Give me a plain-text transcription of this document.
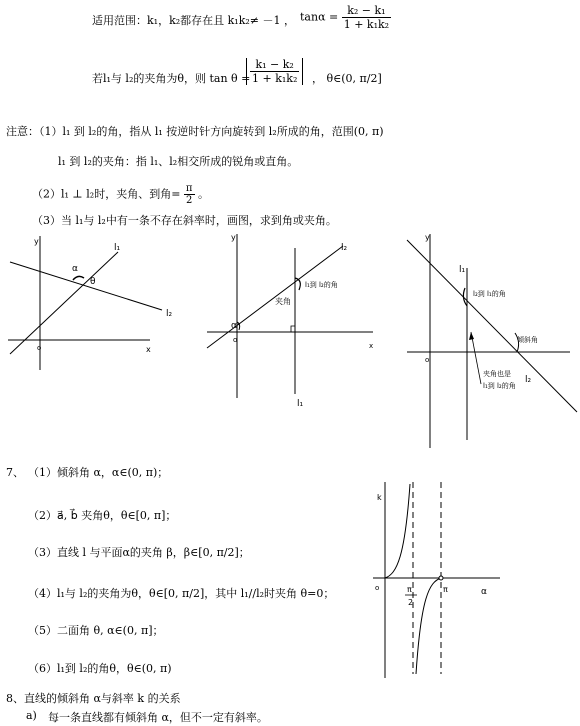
适用范围：k₁，k₂都存在且 k₁k₂≠ －1 ， $\tan\alpha = \frac{\text{k₂ − k₁}}{\text{1 + k₁k₂}}$
若l₁与 l₂的夹角为θ，则 $\tan \theta = \frac{\text{k₁ − k₂}}{\text{1 + k₁k₂}}$ ， θ∈(0, π/2]
注意：（1）l₁ 到 l₂的角，指从 l₁ 按逆时针方向旋转到 l₂所成的角，范围(0, π)
l₁ 到 l₂的夹角：指 l₁、l₂相交所成的锐角或直角。
（2）l₁ ⊥ l₂时，夹角、到角= $\frac{\pi}{2}$ 。
（3）当 l₁与 l₂中有一条不存在斜率时，画图，求到角或夹角。
y
x
o
l₁
l₂
α
θ
y
x
o
l₂
l₁
α
夹角
l₁到 l₂的角
y
o
l₁
l₂
l₂到 l₁的角
倾斜角
夹角也是
l₁到 l₂的角
7、 （1）倾斜角 α，α∈(0, π)；
（2）a⃗, b⃗ 夹角θ，θ∈[0, π]；
（3）直线 l 与平面α的夹角 β，β∈[0, π/2]；
（4）l₁与 l₂的夹角为θ，θ∈[0, π/2]，其中 l₁//l₂时夹角 θ=0；
（5）二面角 θ, α∈(0, π]；
（6）l₁到 l₂的角θ，θ∈(0, π)
k
o	π
2
π	α
8、直线的倾斜角 α与斜率 k 的关系
a) 每一条直线都有倾斜角 α，但不一定有斜率。
